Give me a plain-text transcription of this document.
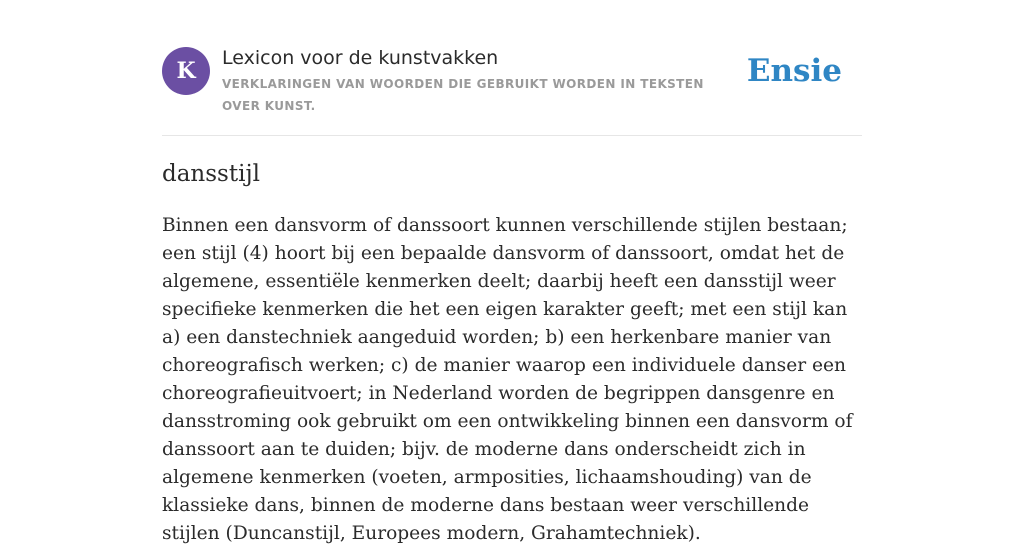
K	Lexicon voor de kunstvakken
VERKLARINGEN VAN WOORDEN DIE GEBRUIKT WORDEN IN TEKSTEN OVER KUNST.
Ensie
dansstijl

Binnen een dansvorm of danssoort kunnen verschillende stijlen bestaan; een stijl (4) hoort bij een bepaalde dansvorm of danssoort, omdat het de algemene, essentiële kenmerken deelt; daarbij heeft een dansstijl weer specifieke kenmerken die het een eigen karakter geeft; met een stijl kan a) een danstechniek aangeduid worden; b) een herkenbare manier van choreografisch werken; c) de manier waarop een individuele danser een choreografieuitvoert; in Nederland worden de begrippen dansgenre en dansstroming ook gebruikt om een ontwikkeling binnen een dansvorm of danssoort aan te duiden; bijv. de moderne dans onderscheidt zich in algemene kenmerken (voeten, armposities, lichaamshouding) van de klassieke dans, binnen de moderne dans bestaan weer verschillende stijlen (Duncanstijl, Europees modern, Grahamtechniek).
